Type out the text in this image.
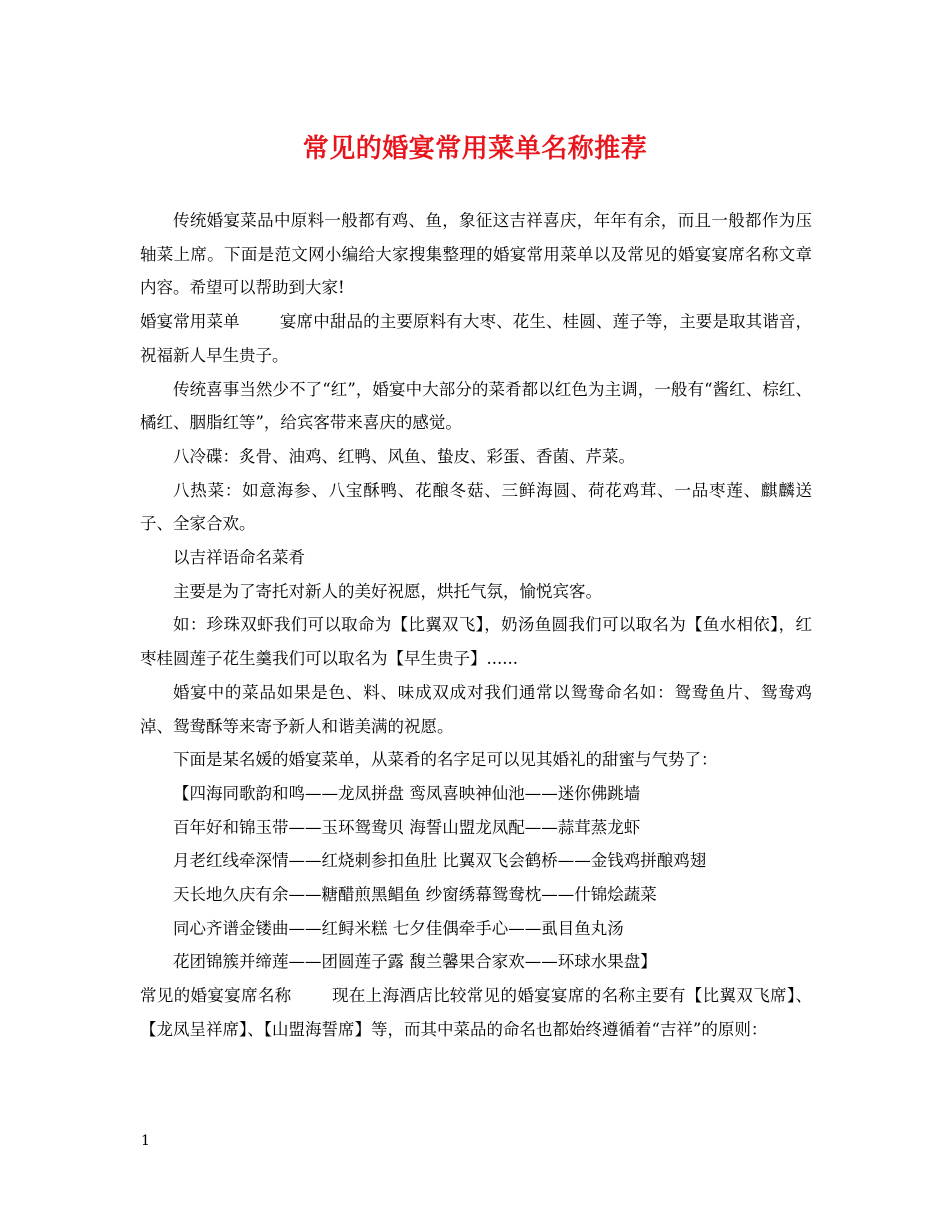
常见的婚宴常用菜单名称推荐

传统婚宴菜品中原料一般都有鸡、鱼，象征这吉祥喜庆，年年有余，而且一般都作为压轴菜上席。下面是范文网小编给大家搜集整理的婚宴常用菜单以及常见的婚宴宴席名称文章内容。希望可以帮助到大家!

婚宴常用菜单 宴席中甜品的主要原料有大枣、花生、桂圆、莲子等，主要是取其谐音，祝福新人早生贵子。

传统喜事当然少不了“红”，婚宴中大部分的菜肴都以红色为主调，一般有“酱红、棕红、橘红、胭脂红等”，给宾客带来喜庆的感觉。

八冷碟：炙骨、油鸡、红鸭、风鱼、蛰皮、彩蛋、香菌、芹菜。

八热菜：如意海参、八宝酥鸭、花酿冬菇、三鲜海圆、荷花鸡茸、一品枣莲、麒麟送子、全家合欢。

以吉祥语命名菜肴

主要是为了寄托对新人的美好祝愿，烘托气氛，愉悦宾客。

如：珍珠双虾我们可以取命为【比翼双飞】，奶汤鱼圆我们可以取名为【鱼水相依】，红枣桂圆莲子花生羹我们可以取名为【早生贵子】......

婚宴中的菜品如果是色、料、味成双成对我们通常以鸳鸯命名如：鸳鸯鱼片、鸳鸯鸡淖、鸳鸯酥等来寄予新人和谐美满的祝愿。

下面是某名媛的婚宴菜单，从菜肴的名字足可以见其婚礼的甜蜜与气势了：

【四海同歌韵和鸣——龙凤拼盘 鸾凤喜映神仙池——迷你佛跳墙

百年好和锦玉带——玉环鸳鸯贝 海誓山盟龙凤配——蒜茸蒸龙虾

月老红线牵深情——红烧刺参扣鱼肚 比翼双飞会鹤桥——金钱鸡拼酿鸡翅

天长地久庆有余——糖醋煎黑鲳鱼 纱窗绣幕鸳鸯枕——什锦烩蔬菜

同心齐谱金镂曲——红鲟米糕 七夕佳偶牵手心——虱目鱼丸汤

花团锦簇并缔莲——团圆莲子露 馥兰馨果合家欢——环球水果盘】

常见的婚宴宴席名称 现在上海酒店比较常见的婚宴宴席的名称主要有【比翼双飞席】、【龙凤呈祥席】、【山盟海誓席】等，而其中菜品的命名也都始终遵循着“吉祥”的原则：

1
